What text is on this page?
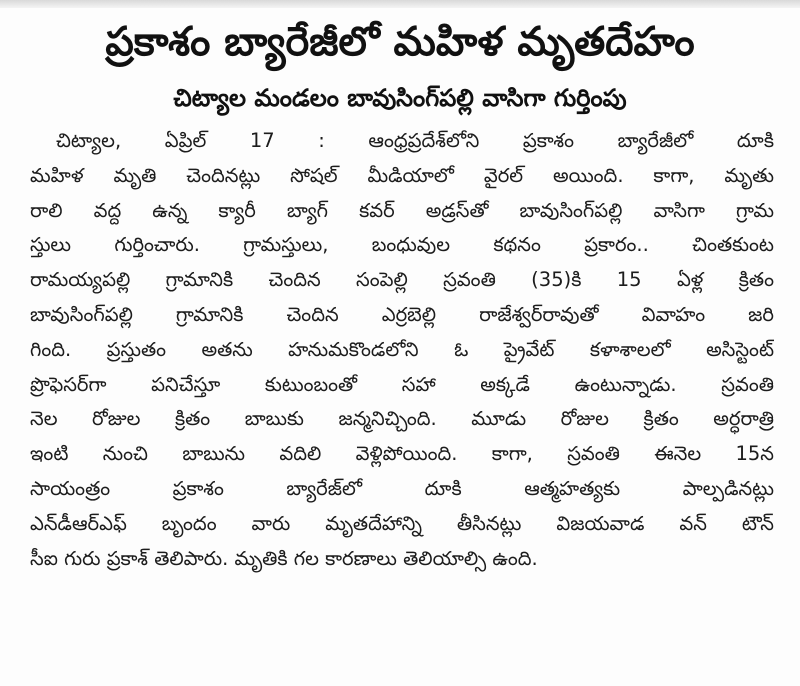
ప్రకాశం బ్యారేజీలో మహిళ మృతదేహం
చిట్యాల మండలం బావుసింగ్‌పల్లి వాసిగా గుర్తింపు
చిట్యాల, ఏప్రిల్ 17 : ఆంధ్రప్రదేశ్‌లోని ప్రకాశం బ్యారేజీలో దూకి
మహిళ మృతి చెందినట్లు సోషల్ మీడియాలో వైరల్ అయింది. కాగా, మృతు
రాలి వద్ద ఉన్న క్యారీ బ్యాగ్ కవర్ అడ్రస్‌తో బావుసింగ్‌పల్లి వాసిగా గ్రామ
స్తులు గుర్తించారు. గ్రామస్తులు, బంధువుల కథనం ప్రకారం.. చింతకుంట
రామయ్యపల్లి గ్రామానికి చెందిన సంపెల్లి స్రవంతి (35)కి 15 ఏళ్ల క్రితం
బావుసింగ్‌పల్లి గ్రామానికి చెందిన ఎర్రబెల్లి రాజేశ్వర్‌రావుతో వివాహం జరి
గింది. ప్రస్తుతం అతను హనుమకొండలోని ఓ ప్రైవేట్ కళాశాలలో అసిస్టెంట్
ప్రొఫెసర్‌గా పనిచేస్తూ కుటుంబంతో సహా అక్కడే ఉంటున్నాడు. స్రవంతి
నెల రోజుల క్రితం బాబుకు జన్మనిచ్చింది. మూడు రోజుల క్రితం అర్ధరాత్రి
ఇంటి నుంచి బాబును వదిలి వెళ్లిపోయింది. కాగా, స్రవంతి ఈనెల 15న
సాయంత్రం ప్రకాశం బ్యారేజ్‌లో దూకి ఆత్మహత్యకు పాల్పడినట్లు
ఎన్‌డీఆర్‌ఎఫ్ బృందం వారు మృతదేహాన్ని తీసినట్లు విజయవాడ వన్ టౌన్
సీఐ గురు ప్రకాశ్ తెలిపారు. మృతికి గల కారణాలు తెలియాల్సి ఉంది.
